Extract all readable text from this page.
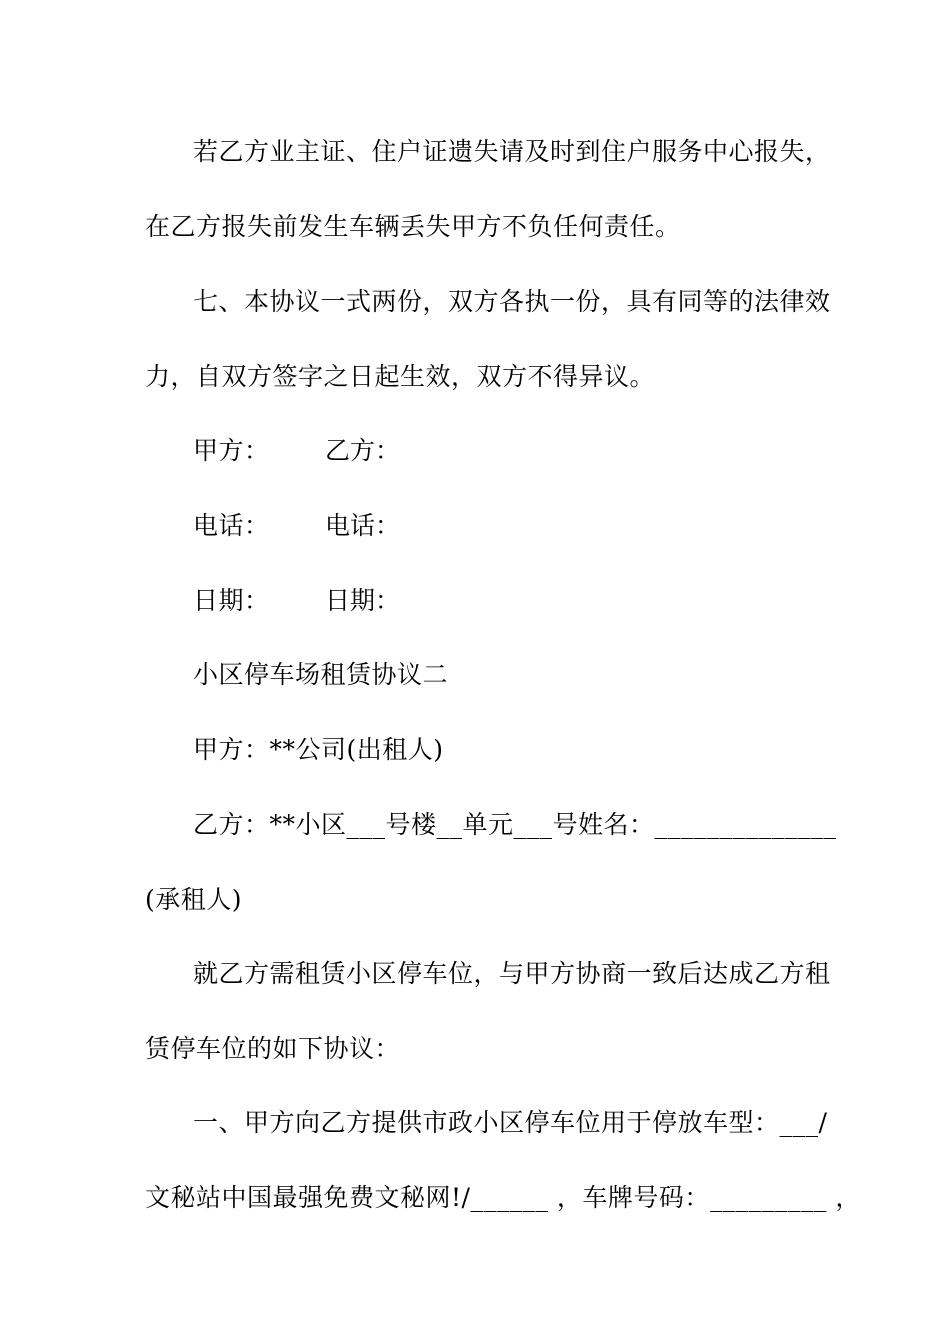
若乙方业主证、住户证遗失请及时到住户服务中心报失，
在乙方报失前发生车辆丢失甲方不负任何责任。
七、本协议一式两份，双方各执一份，具有同等的法律效
力，自双方签字之日起生效，双方不得异议。
甲方： 乙方：
电话： 电话：
日期： 日期：
小区停车场租赁协议二
甲方：**公司(出租人)
乙方：**小区___号楼__单元___号姓名：______________
(承租人)
就乙方需租赁小区停车位，与甲方协商一致后达成乙方租
赁停车位的如下协议：
一、甲方向乙方提供市政小区停车位用于停放车型：___/
文秘站中国最强免费文秘网!/______ ，车牌号码：_________ ，
